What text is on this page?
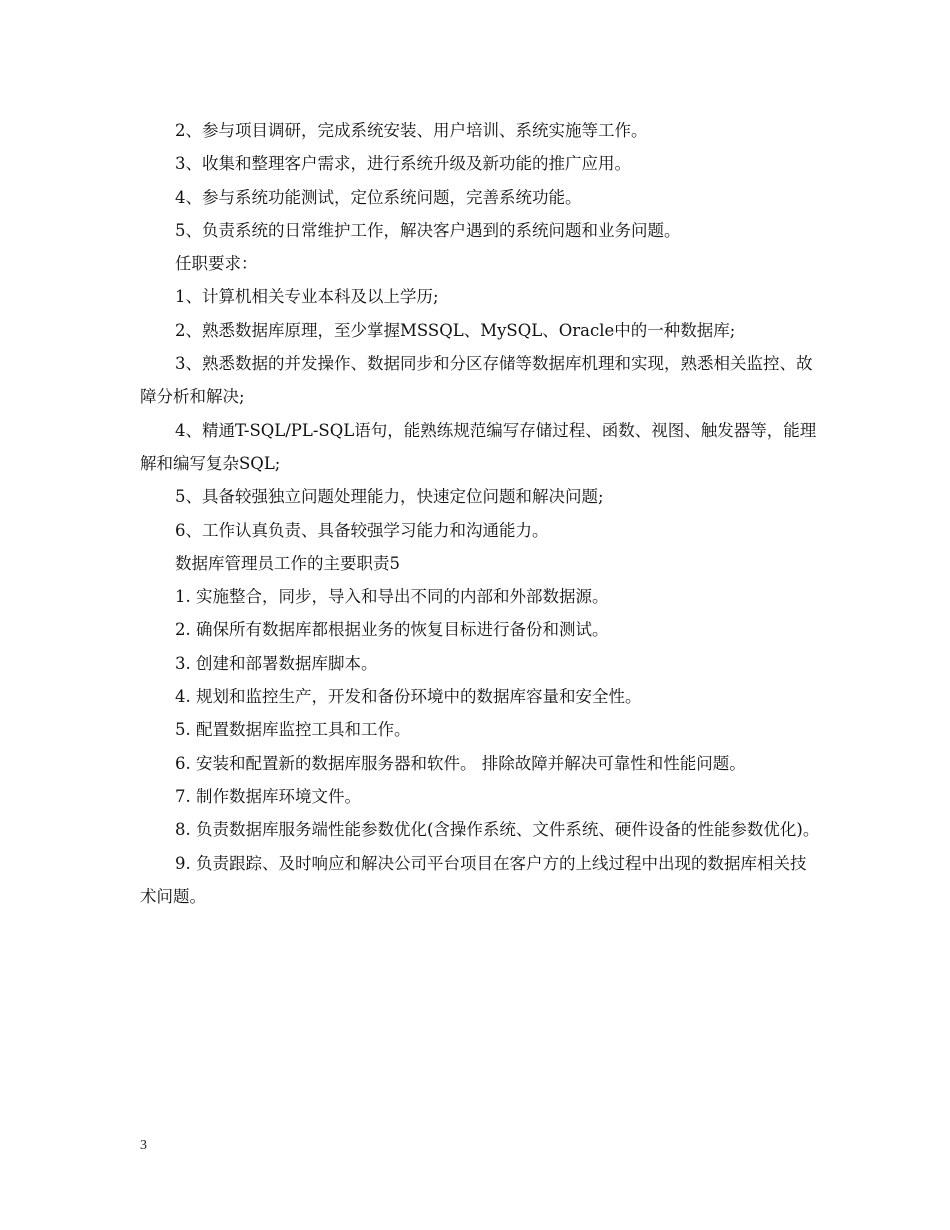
2、参与项目调研，完成系统安装、用户培训、系统实施等工作。

3、收集和整理客户需求，进行系统升级及新功能的推广应用。

4、参与系统功能测试，定位系统问题，完善系统功能。

5、负责系统的日常维护工作，解决客户遇到的系统问题和业务问题。

任职要求：

1、计算机相关专业本科及以上学历;

2、熟悉数据库原理，至少掌握MSSQL、MySQL、Oracle中的一种数据库;

3、熟悉数据的并发操作、数据同步和分区存储等数据库机理和实现，熟悉相关监控、故障分析和解决;

4、精通T-SQL/PL-SQL语句，能熟练规范编写存储过程、函数、视图、触发器等，能理解和编写复杂SQL;

5、具备较强独立问题处理能力，快速定位问题和解决问题;

6、工作认真负责、具备较强学习能力和沟通能力。

数据库管理员工作的主要职责5

1. 实施整合，同步，导入和导出不同的内部和外部数据源。

2. 确保所有数据库都根据业务的恢复目标进行备份和测试。

3. 创建和部署数据库脚本。

4. 规划和监控生产，开发和备份环境中的数据库容量和安全性。

5. 配置数据库监控工具和工作。

6. 安装和配置新的数据库服务器和软件。 排除故障并解决可靠性和性能问题。

7. 制作数据库环境文件。

8. 负责数据库服务端性能参数优化(含操作系统、文件系统、硬件设备的性能参数优化)。

9. 负责跟踪、及时响应和解决公司平台项目在客户方的上线过程中出现的数据库相关技术问题。

3
